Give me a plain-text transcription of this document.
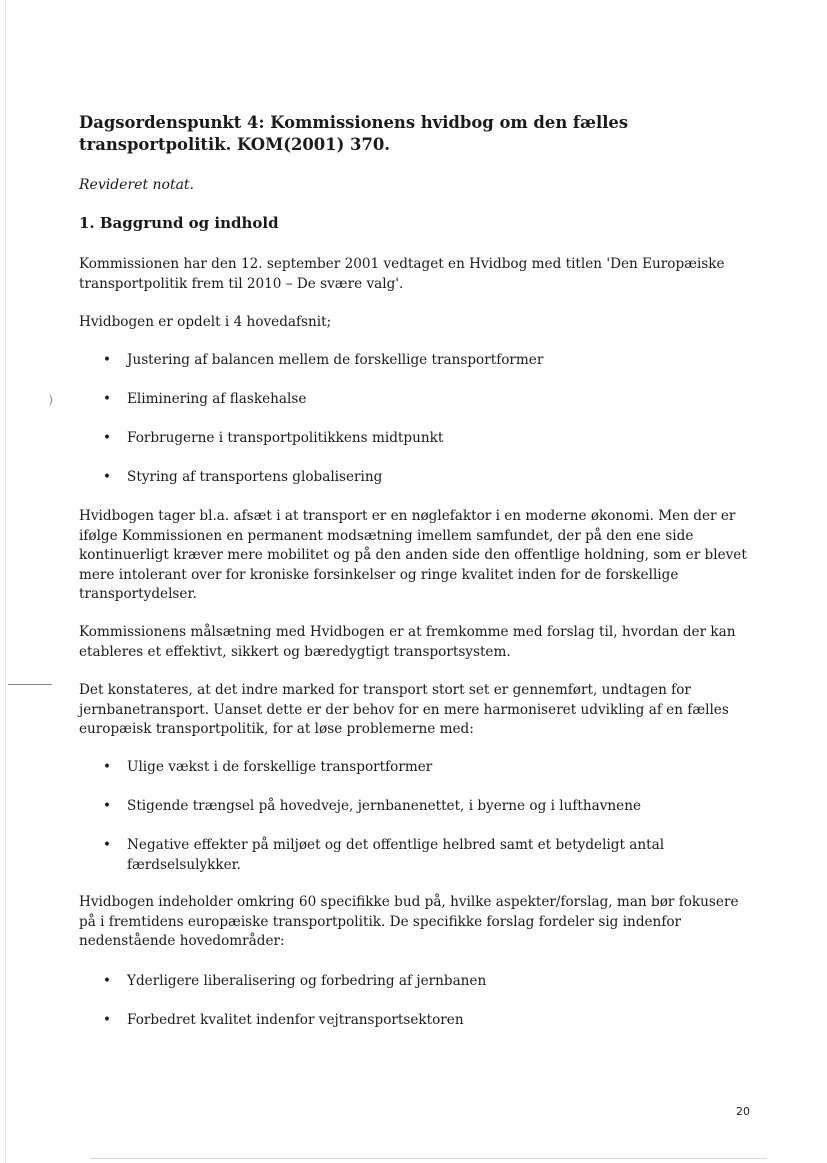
⁾
Dagsordenspunkt 4: Kommissionens hvidbog om den fælles transportpolitik. KOM(2001) 370.

Revideret notat.

1. Baggrund og indhold

Kommissionen har den 12. september 2001 vedtaget en Hvidbog med titlen 'Den Europæiske transportpolitik frem til 2010 – De svære valg'.

Hvidbogen er opdelt i 4 hovedafsnit;

• Justering af balancen mellem de forskellige transportformer
• Eliminering af flaskehalse
• Forbrugerne i transportpolitikkens midtpunkt
• Styring af transportens globalisering

Hvidbogen tager bl.a. afsæt i at transport er en nøglefaktor i en moderne økonomi. Men der er ifølge Kommissionen en permanent modsætning imellem samfundet, der på den ene side kontinuerligt kræver mere mobilitet og på den anden side den offentlige holdning, som er blevet mere intolerant over for kroniske forsinkelser og ringe kvalitet inden for de forskellige transportydelser.

Kommissionens målsætning med Hvidbogen er at fremkomme med forslag til, hvordan der kan etableres et effektivt, sikkert og bæredygtigt transportsystem.

Det konstateres, at det indre marked for transport stort set er gennemført, undtagen for jernbanetransport. Uanset dette er der behov for en mere harmoniseret udvikling af en fælles europæisk transportpolitik, for at løse problemerne med:

• Ulige vækst i de forskellige transportformer
• Stigende trængsel på hovedveje, jernbanenettet, i byerne og i lufthavnene
• Negative effekter på miljøet og det offentlige helbred samt et betydeligt antal færdselsulykker.

Hvidbogen indeholder omkring 60 specifikke bud på, hvilke aspekter/forslag, man bør fokusere på i fremtidens europæiske transportpolitik. De specifikke forslag fordeler sig indenfor nedenstående hovedområder:

• Yderligere liberalisering og forbedring af jernbanen
• Forbedret kvalitet indenfor vejtransportsektoren
20
